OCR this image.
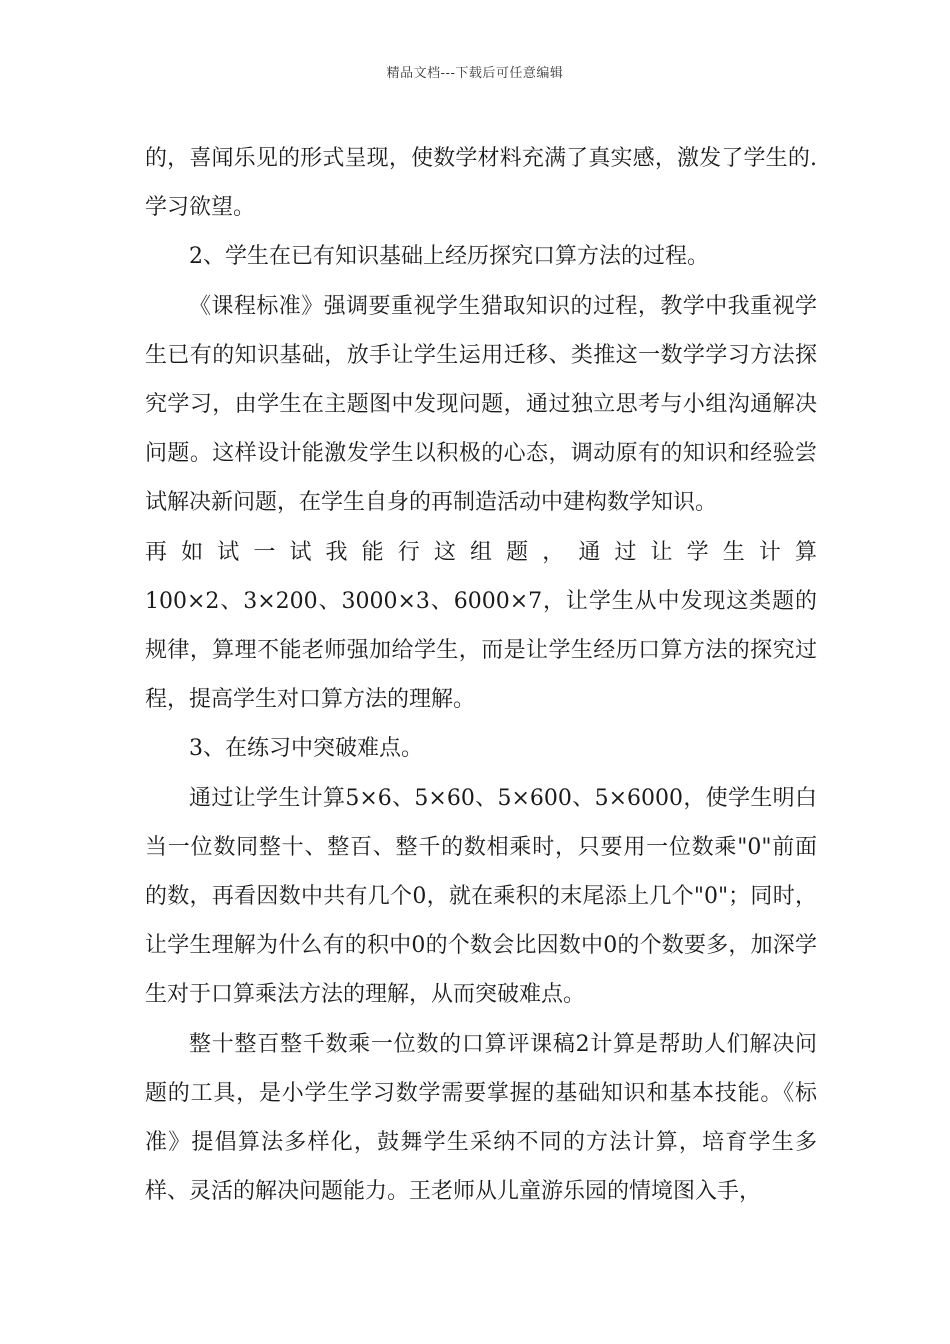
精品文档---下载后可任意编辑

的，喜闻乐见的形式呈现，使数学材料充满了真实感，激发了学生的.学习欲望。

2、学生在已有知识基础上经历探究口算方法的过程。

《课程标准》强调要重视学生猎取知识的过程，教学中我重视学生已有的知识基础，放手让学生运用迁移、类推这一数学学习方法探究学习，由学生在主题图中发现问题，通过独立思考与小组沟通解决问题。这样设计能激发学生以积极的心态，调动原有的知识和经验尝试解决新问题，在学生自身的再制造活动中建构数学知识。

再如试一试我能行这组题，通过让学生计算

100×2、3×200、3000×3、6000×7，让学生从中发现这类题的规律，算理不能老师强加给学生，而是让学生经历口算方法的探究过程，提高学生对口算方法的理解。

3、在练习中突破难点。

通过让学生计算5×6、5×60、5×600、5×6000，使学生明白当一位数同整十、整百、整千的数相乘时，只要用一位数乘"0"前面的数，再看因数中共有几个0，就在乘积的末尾添上几个"0"；同时，让学生理解为什么有的积中0的个数会比因数中0的个数要多，加深学生对于口算乘法方法的理解，从而突破难点。

整十整百整千数乘一位数的口算评课稿2计算是帮助人们解决问题的工具，是小学生学习数学需要掌握的基础知识和基本技能。《标准》提倡算法多样化，鼓舞学生采纳不同的方法计算，培育学生多样、灵活的解决问题能力。王老师从儿童游乐园的情境图入手，
